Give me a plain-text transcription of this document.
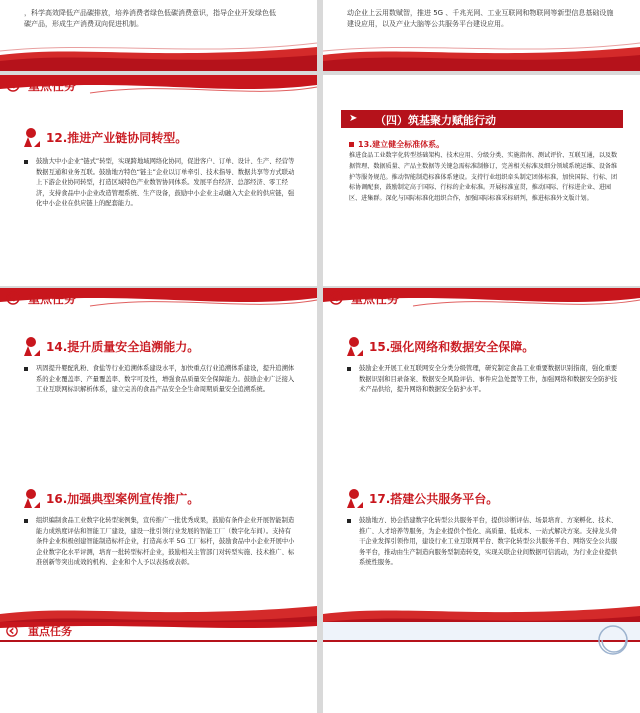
，科学高效降低产品碳排放，培养消费者绿色低碳消费意识，指导企业开发绿色低
碳产品，形成生产消费双向促进机制。
动企业上云用数赋智，推进 5G 、千兆光网、工业互联网和物联网等新型信息基础设施
建设应用，以及产业大脑等公共服务平台建设应用。
重点任务
12.推进产业链协同转型。
鼓励大中小企业“链式”转型，实现跨地域网络化协同，促进客户、订单、设计、生产、经营等数据互通和业务互联。鼓励地方特色“链主”企业以订单牵引、技术指导、数据共享等方式联动上下游企业协同转型，打造区域特色产业数智协同体系。发展平台经济、总部经济、零工经济，支持食品中小企业改造管理系统、生产设备，鼓励中小企业主动融入大企业的供应链，强化中小企业在供应链上的配套能力。
➤ （四）筑基聚力赋能行动
13.建立健全标准体系。
推进食品工业数字化转型基础架构、技术应用、分级分类、实施指南、测试评价、互联互通，以及数据管理、数据质量、产品主数据等关键急需标准制修订，完善相关标准及细分领域系统运维、设备维护等服务规范。推动智能制造标准体系建设。支持行业组织牵头制定团体标准，加快国际、行标、团标协调配套，鼓励制定高于国际、行标的企业标准。开展标准宣贯，推动国际、行标进企业、进园区、进集群。深化与国际标准化组织合作，加强国际标准采标研判，推进标准外文版计划。
重点任务
14.提升质量安全追溯能力。
巩固提升婴配乳粉、食盐等行业追溯体系建设水平，加快重点行业追溯体系建设，提升追溯体系的企业覆盖率、产量覆盖率、数字可及性，增强食品质量安全保障能力。鼓励企业广泛接入工业互联网标识解析体系，建立完善的食品产品安全全生命周期质量安全追溯系统。
重点任务
15.强化网络和数据安全保障。
鼓励企业开展工业互联网安全分类分级管理，研究制定食品工业重要数据识别指南，强化重要数据识别和目录备案、数据安全风险评估、事件应急处置等工作，加强网络和数据安全防护技术产品供给，提升网络和数据安全防护水平。
16.加强典型案例宣传推广。
组织编制食品工业数字化转型案例集，宣传推广一批优秀成果，鼓励有条件企业开展智能制造能力成熟度评估和智能工厂建设，建设一批引领行业发展的智能工厂（数字化车间）。支持有条件企业积极创建智能制造标杆企业，打造高水平 5G 工厂标杆，鼓励食品中小企业开展中小企业数字化水平评测，培育一批转型标杆企业，鼓励相关主管部门对转型实施、技术推广、标准创新等突出成效的机构、企业和个人予以表扬或表彰。
17.搭建公共服务平台。
鼓励地方、协会搭建数字化转型公共服务平台，提供诊断评估、场景培育、方案孵化、技术、推广、人才培养等服务，为企业提供个性化、高质量、低成本、一站式解决方案。支持龙头骨干企业发挥引领作用，建设行业工业互联网平台、数字化转型公共服务平台、网络安全公共服务平台，推动由生产制造向服务型制造转变，实现关联企业间数据可信流动，为行业企业提供系统性服务。
重点任务
